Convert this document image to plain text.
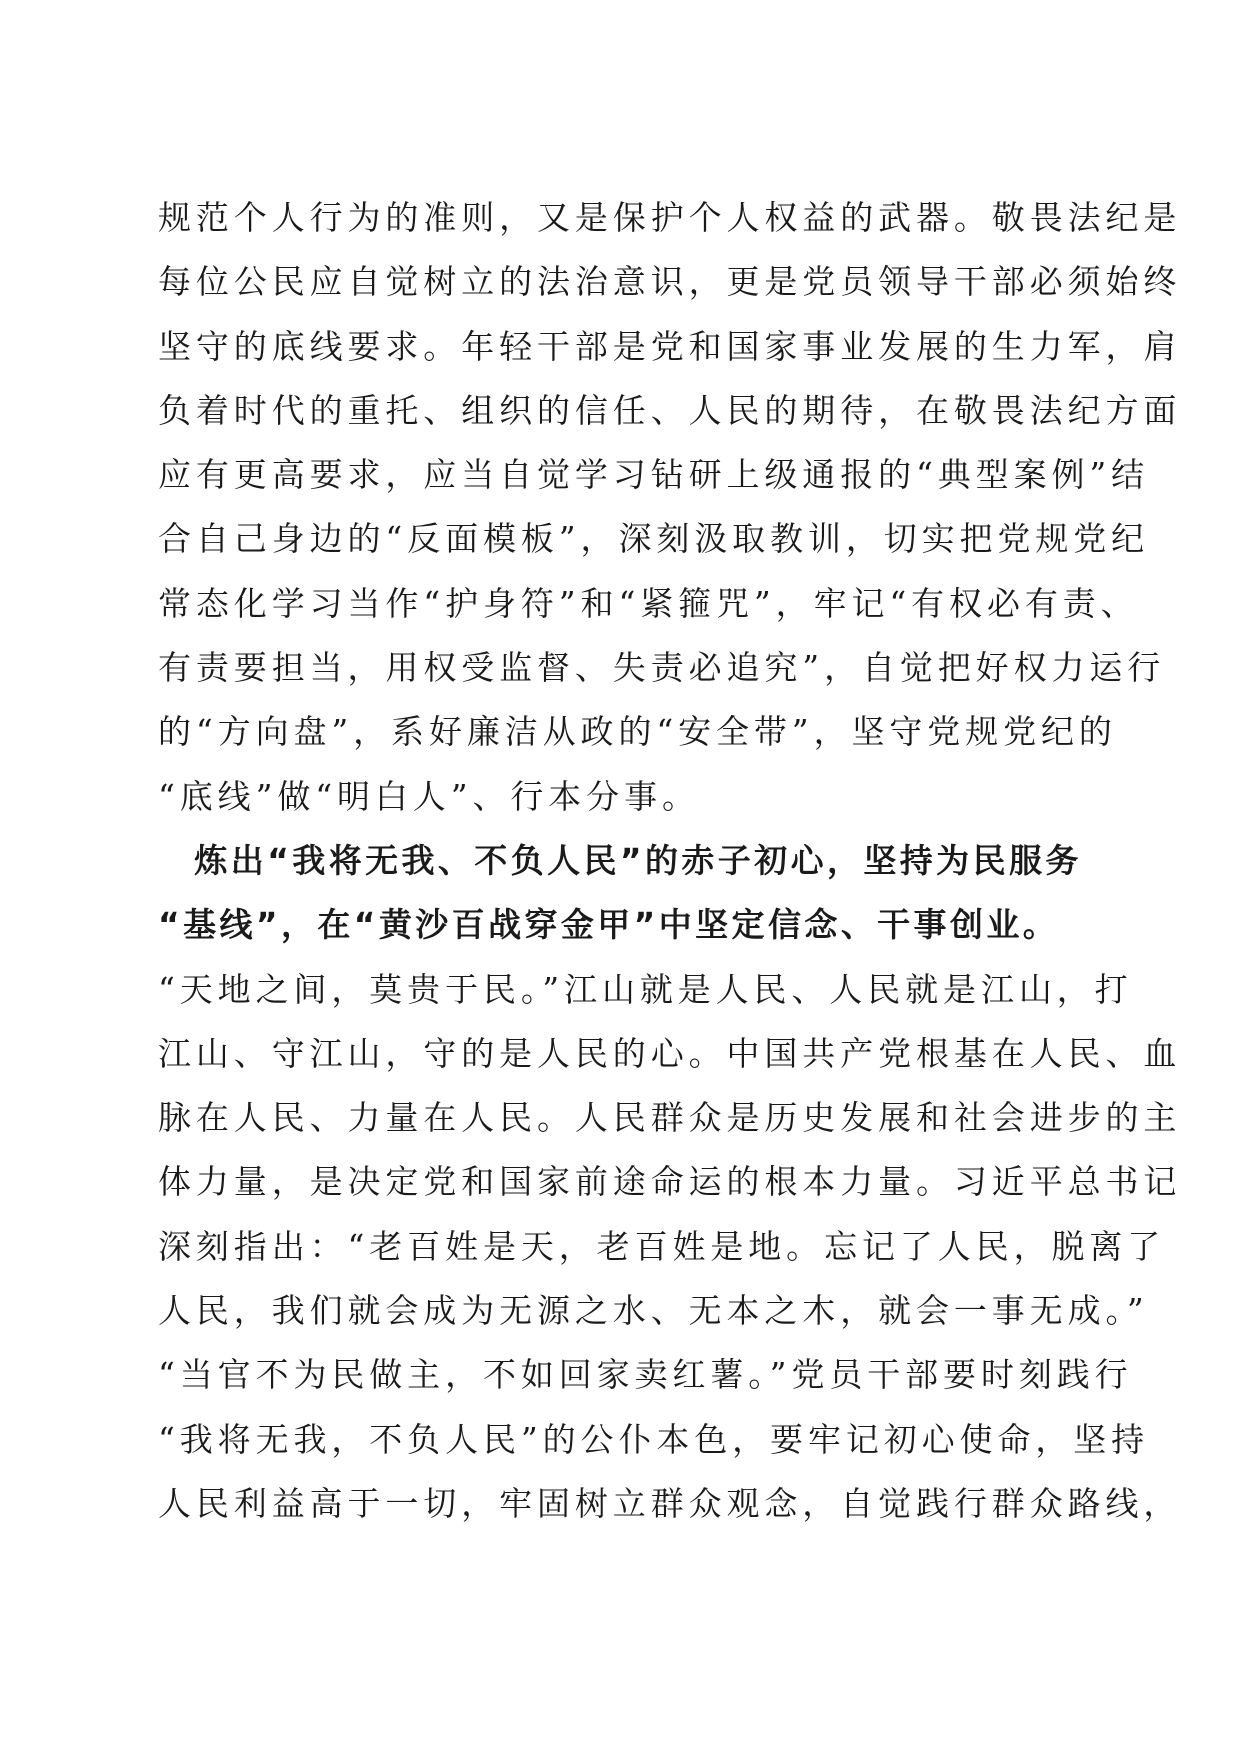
规范个人行为的准则，又是保护个人权益的武器。敬畏法纪是
每位公民应自觉树立的法治意识，更是党员领导干部必须始终
坚守的底线要求。年轻干部是党和国家事业发展的生力军，肩
负着时代的重托、组织的信任、人民的期待，在敬畏法纪方面
应有更高要求，应当自觉学习钻研上级通报的“典型案例”结
合自己身边的“反面模板”，深刻汲取教训，切实把党规党纪
常态化学习当作“护身符”和“紧箍咒”，牢记“有权必有责、
有责要担当，用权受监督、失责必追究”，自觉把好权力运行
的“方向盘”，系好廉洁从政的“安全带”，坚守党规党纪的
“底线”做“明白人”、行本分事。
　炼出“我将无我、不负人民”的赤子初心，坚持为民服务
“基线”，在“黄沙百战穿金甲”中坚定信念、干事创业。
“天地之间，莫贵于民。”江山就是人民、人民就是江山，打
江山、守江山，守的是人民的心。中国共产党根基在人民、血
脉在人民、力量在人民。人民群众是历史发展和社会进步的主
体力量，是决定党和国家前途命运的根本力量。习近平总书记
深刻指出：“老百姓是天，老百姓是地。忘记了人民，脱离了
人民，我们就会成为无源之水、无本之木，就会一事无成。”
“当官不为民做主，不如回家卖红薯。”党员干部要时刻践行
“我将无我，不负人民”的公仆本色，要牢记初心使命，坚持
人民利益高于一切，牢固树立群众观念，自觉践行群众路线，
